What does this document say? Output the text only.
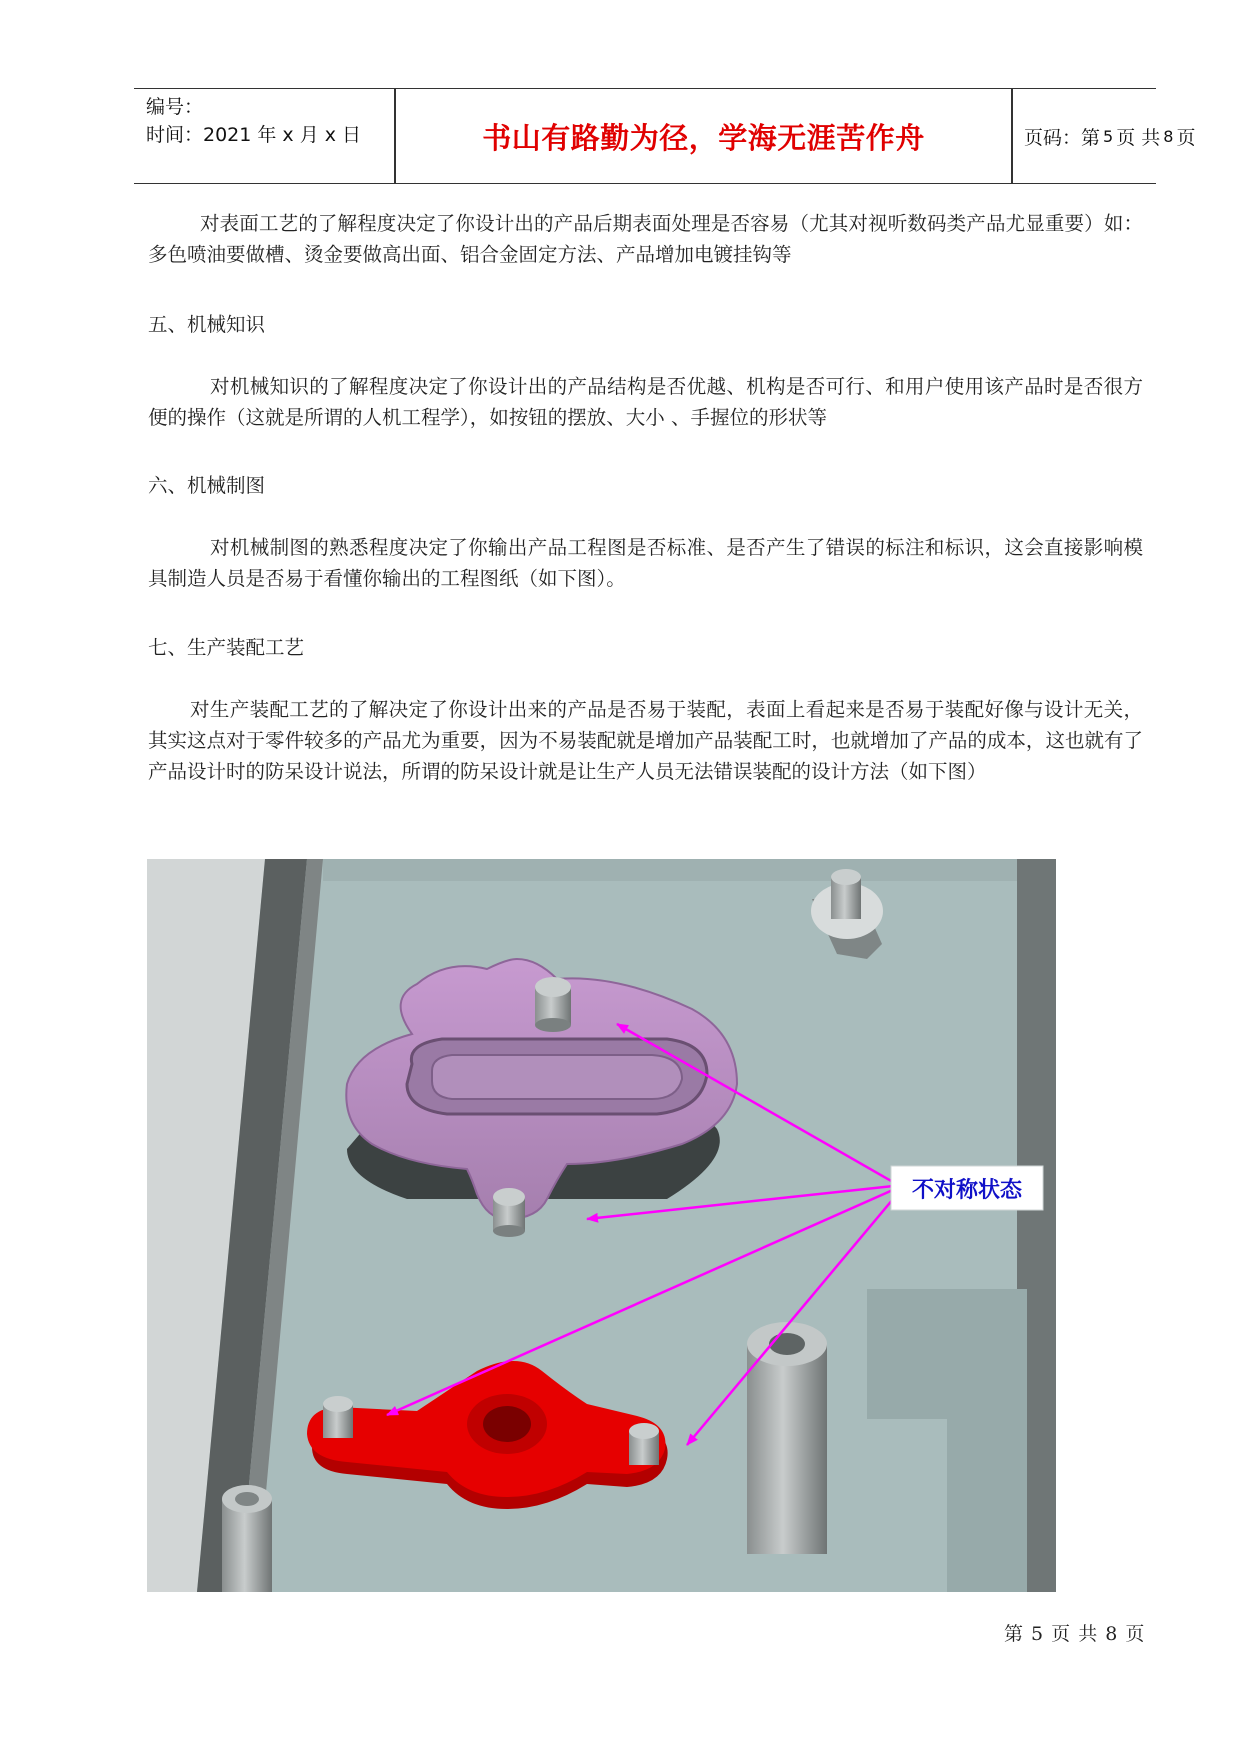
编号：
时间：2021 年 x 月 x 日	书山有路勤为径，学海无涯苦作舟	页码：第 5 页 共 8 页

对表面工艺的了解程度决定了你设计出的产品后期表面处理是否容易（尤其对视听数码类产品尤显重要）如：多色喷油要做槽、烫金要做高出面、铝合金固定方法、产品增加电镀挂钩等

五、机械知识

对机械知识的了解程度决定了你设计出的产品结构是否优越、机构是否可行、和用户使用该产品时是否很方便的操作（这就是所谓的人机工程学），如按钮的摆放、大小 、手握位的形状等

六、机械制图

对机械制图的熟悉程度决定了你输出产品工程图是否标准、是否产生了错误的标注和标识，这会直接影响模具制造人员是否易于看懂你输出的工程图纸（如下图）。

七、生产装配工艺

对生产装配工艺的了解决定了你设计出来的产品是否易于装配，表面上看起来是否易于装配好像与设计无关，其实这点对于零件较多的产品尤为重要，因为不易装配就是增加产品装配工时，也就增加了产品的成本，这也就有了产品设计时的防呆设计说法，所谓的防呆设计就是让生产人员无法错误装配的设计方法（如下图）

不对称状态
第 5 页 共 8 页
